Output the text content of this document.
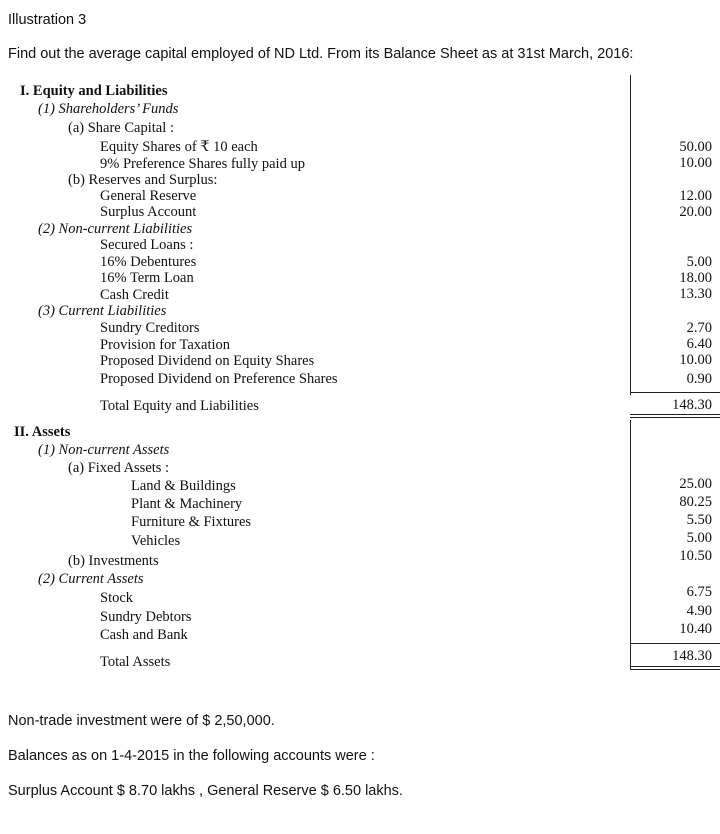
Illustration 3
Find out the average capital employed of ND Ltd. From its Balance Sheet as at 31st March, 2016:
I. Equity and Liabilities
(1) Shareholders’ Funds
(a) Share Capital :
Equity Shares of ₹ 10 each	50.00
9% Preference Shares fully paid up	10.00
(b) Reserves and Surplus:
General Reserve	12.00
Surplus Account	20.00
(2) Non-current Liabilities
Secured Loans :
16% Debentures	5.00
16% Term Loan	18.00
Cash Credit	13.30
(3) Current Liabilities
Sundry Creditors	2.70
Provision for Taxation	6.40
Proposed Dividend on Equity Shares	10.00
Proposed Dividend on Preference Shares	0.90
Total Equity and Liabilities	148.30
II. Assets
(1) Non-current Assets
(a) Fixed Assets :
Land & Buildings	25.00
Plant & Machinery	80.25
Furniture & Fixtures	5.50
Vehicles	5.00
(b) Investments	10.50
(2) Current Assets
Stock	6.75
Sundry Debtors	4.90
Cash and Bank	10.40
Total Assets	148.30
Non-trade investment were of $ 2,50,000.
Balances as on 1-4-2015 in the following accounts were :
Surplus Account $ 8.70 lakhs , General Reserve $ 6.50 lakhs.
